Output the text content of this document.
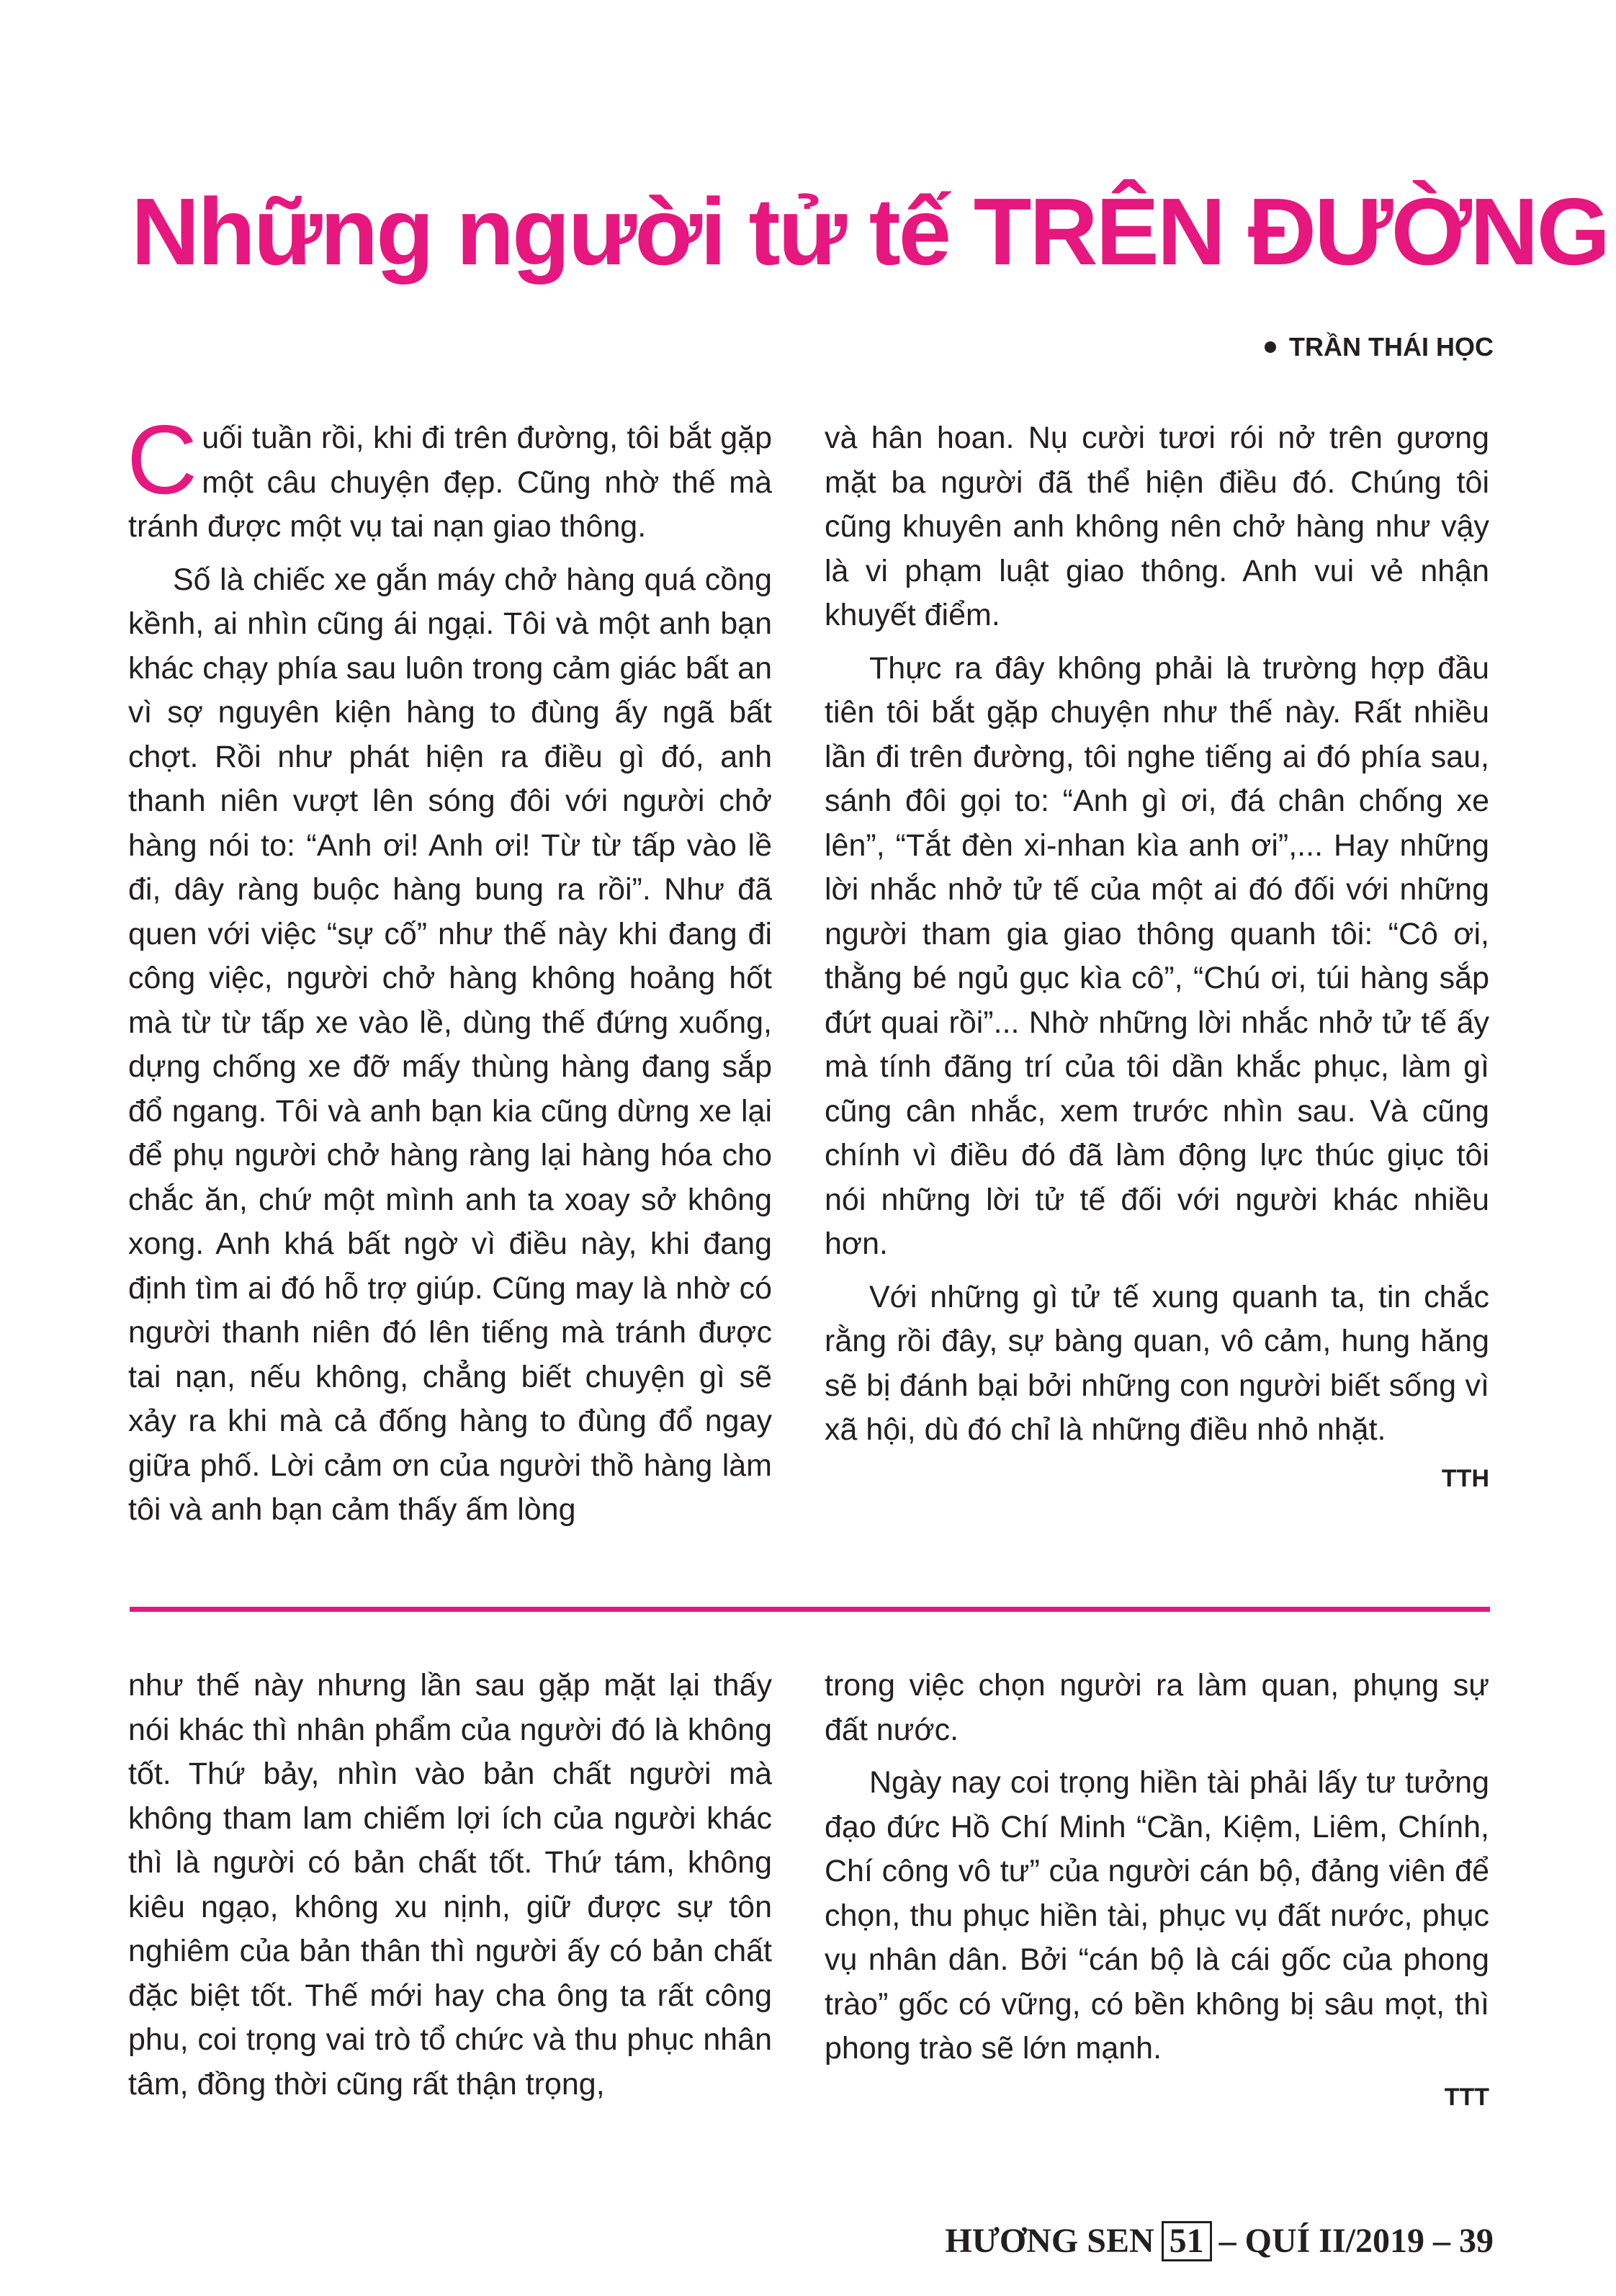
Những người tử tế TRÊN ĐƯỜNG
TRẦN THÁI HỌC

Cuối tuần rồi, khi đi trên đường, tôi bắt gặp một câu chuyện đẹp. Cũng nhờ thế mà tránh được một vụ tai nạn giao thông.

Số là chiếc xe gắn máy chở hàng quá cồng kềnh, ai nhìn cũng ái ngại. Tôi và một anh bạn khác chạy phía sau luôn trong cảm giác bất an vì sợ nguyên kiện hàng to đùng ấy ngã bất chợt. Rồi như phát hiện ra điều gì đó, anh thanh niên vượt lên sóng đôi với người chở hàng nói to: “Anh ơi! Anh ơi! Từ từ tấp vào lề đi, dây ràng buộc hàng bung ra rồi”. Như đã quen với việc “sự cố” như thế này khi đang đi công việc, người chở hàng không hoảng hốt mà từ từ tấp xe vào lề, dùng thế đứng xuống, dựng chống xe đỡ mấy thùng hàng đang sắp đổ ngang. Tôi và anh bạn kia cũng dừng xe lại để phụ người chở hàng ràng lại hàng hóa cho chắc ăn, chứ một mình anh ta xoay sở không xong. Anh khá bất ngờ vì điều này, khi đang định tìm ai đó hỗ trợ giúp. Cũng may là nhờ có người thanh niên đó lên tiếng mà tránh được tai nạn, nếu không, chẳng biết chuyện gì sẽ xảy ra khi mà cả đống hàng to đùng đổ ngay giữa phố. Lời cảm ơn của người thồ hàng làm tôi và anh bạn cảm thấy ấm lòng

và hân hoan. Nụ cười tươi rói nở trên gương mặt ba người đã thể hiện điều đó. Chúng tôi cũng khuyên anh không nên chở hàng như vậy là vi phạm luật giao thông. Anh vui vẻ nhận khuyết điểm.

Thực ra đây không phải là trường hợp đầu tiên tôi bắt gặp chuyện như thế này. Rất nhiều lần đi trên đường, tôi nghe tiếng ai đó phía sau, sánh đôi gọi to: “Anh gì ơi, đá chân chống xe lên”, “Tắt đèn xi-nhan kìa anh ơi”,... Hay những lời nhắc nhở tử tế của một ai đó đối với những người tham gia giao thông quanh tôi: “Cô ơi, thằng bé ngủ gục kìa cô”, “Chú ơi, túi hàng sắp đứt quai rồi”... Nhờ những lời nhắc nhở tử tế ấy mà tính đãng trí của tôi dần khắc phục, làm gì cũng cân nhắc, xem trước nhìn sau. Và cũng chính vì điều đó đã làm động lực thúc giục tôi nói những lời tử tế đối với người khác nhiều hơn.

Với những gì tử tế xung quanh ta, tin chắc rằng rồi đây, sự bàng quan, vô cảm, hung hăng sẽ bị đánh bại bởi những con người biết sống vì xã hội, dù đó chỉ là những điều nhỏ nhặt.

TTH

như thế này nhưng lần sau gặp mặt lại thấy nói khác thì nhân phẩm của người đó là không tốt. Thứ bảy, nhìn vào bản chất người mà không tham lam chiếm lợi ích của người khác thì là người có bản chất tốt. Thứ tám, không kiêu ngạo, không xu nịnh, giữ được sự tôn nghiêm của bản thân thì người ấy có bản chất đặc biệt tốt. Thế mới hay cha ông ta rất công phu, coi trọng vai trò tổ chức và thu phục nhân tâm, đồng thời cũng rất thận trọng,

trong việc chọn người ra làm quan, phụng sự đất nước.

Ngày nay coi trọng hiền tài phải lấy tư tưởng đạo đức Hồ Chí Minh “Cần, Kiệm, Liêm, Chính, Chí công vô tư” của người cán bộ, đảng viên để chọn, thu phục hiền tài, phục vụ đất nước, phục vụ nhân dân. Bởi “cán bộ là cái gốc của phong trào” gốc có vững, có bền không bị sâu mọt, thì phong trào sẽ lớn mạnh.

TTT
HƯƠNG SEN 51 – QUÍ II/2019 – 39
